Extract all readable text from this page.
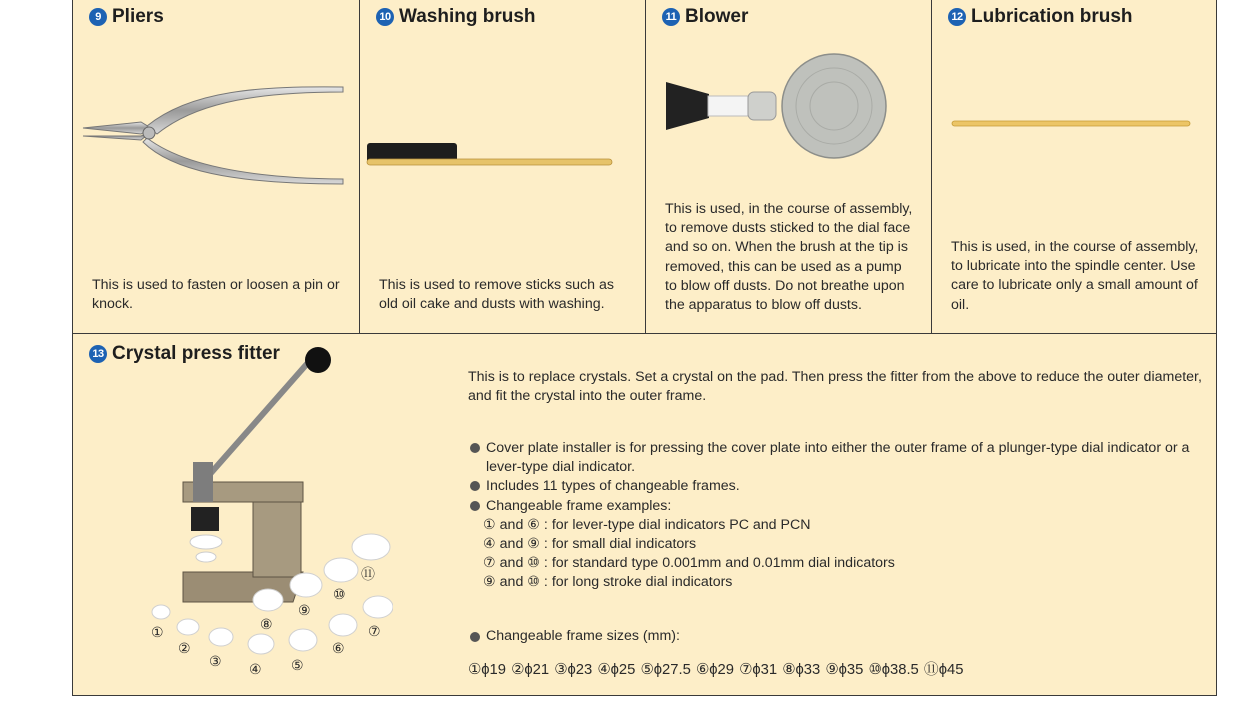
9 Pliers
This is used to fasten or loosen a pin or knock.
10 Washing brush
This is used to remove sticks such as old oil cake and dusts with washing.
11 Blower
This is used, in the course of assembly, to remove dusts sticked to the dial face and so on. When the brush at the tip is removed, this can be used as a pump to blow off dusts. Do not breathe upon the apparatus to blow off dusts.
12 Lubrication brush
This is used, in the course of assembly, to lubricate into the spindle center. Use care to lubricate only a small amount of oil.
13 Crystal press fitter
①
②
③ ④ ⑤
⑥
⑦
⑧
⑨
⑩
⑪
This is to replace crystals. Set a crystal on the pad. Then press the fitter from the above to reduce the outer diameter, and fit the crystal into the outer frame.
Cover plate installer is for pressing the cover plate into either the outer frame of a plunger-type dial indicator or a lever-type dial indicator.
Includes 11 types of changeable frames.
Changeable frame examples:
① and ⑥ : for lever-type dial indicators PC and PCN
④ and ⑨ : for small dial indicators
⑦ and ⑩ : for standard type 0.001mm and 0.01mm dial indicators
⑨ and ⑩ : for long stroke dial indicators
Changeable frame sizes (mm):
①ϕ19 ②ϕ21 ③ϕ23 ④ϕ25 ⑤ϕ27.5 ⑥ϕ29 ⑦ϕ31 ⑧ϕ33 ⑨ϕ35 ⑩ϕ38.5 ⑪ϕ45
